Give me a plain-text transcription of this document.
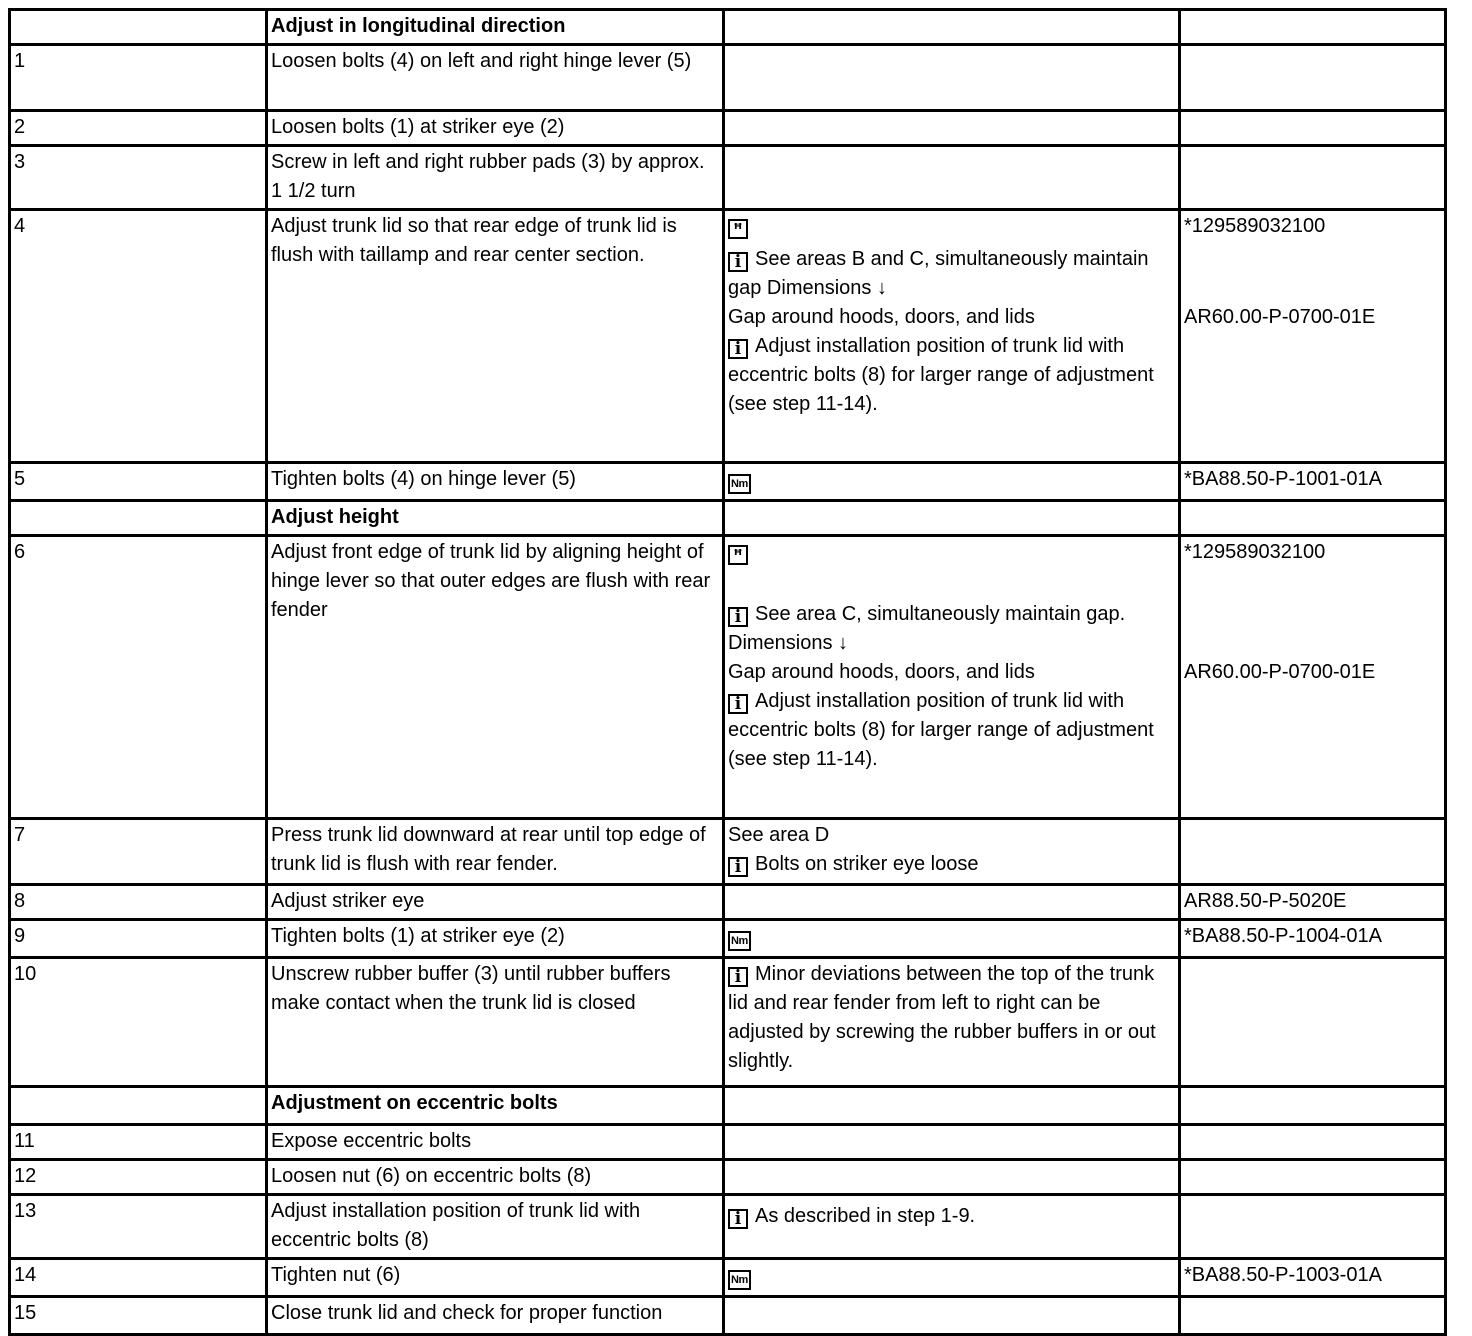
	Adjust in longitudinal direction		
1	Loosen bolts (4) on left and right hinge lever (5)		
2	Loosen bolts (1) at striker eye (2)		
3	Screw in left and right rubber pads (3) by approx. 1 1/2 turn		
4	Adjust trunk lid so that rear edge of trunk lid is flush with taillamp and rear center section.	ꟸ
i See areas B and C, simultaneously maintain gap Dimensions ↓
Gap around hoods, doors, and lids
i Adjust installation position of trunk lid with eccentric bolts (8) for larger range of adjustment
(see step 11-14).	*129589032100
AR60.00-P-0700-01E

5	Tighten bolts (4) on hinge lever (5)	Nm	*BA88.50-P-1001-01A
	Adjust height		
6	Adjust front edge of trunk lid by aligning height of hinge lever so that outer edges are flush with rear fender	ꟸ
i See area C, simultaneously maintain gap. Dimensions ↓
Gap around hoods, doors, and lids
i Adjust installation position of trunk lid with eccentric bolts (8) for larger range of adjustment
(see step 11-14).	*129589032100
AR60.00-P-0700-01E

7	Press trunk lid downward at rear until top edge of trunk lid is flush with rear fender.	See area D
i Bolts on striker eye loose	

8	Adjust striker eye		AR88.50-P-5020E
9	Tighten bolts (1) at striker eye (2)	Nm	*BA88.50-P-1004-01A
10	Unscrew rubber buffer (3) until rubber buffers make contact when the trunk lid is closed	i Minor deviations between the top of the trunk lid and rear fender from left to right can be adjusted by screwing the rubber buffers in or out slightly.	
	Adjustment on eccentric bolts		
11	Expose eccentric bolts		
12	Loosen nut (6) on eccentric bolts (8)		
13	Adjust installation position of trunk lid with eccentric bolts (8)	i As described in step 1-9.	
14	Tighten nut (6)	Nm	*BA88.50-P-1003-01A
15	Close trunk lid and check for proper function		
